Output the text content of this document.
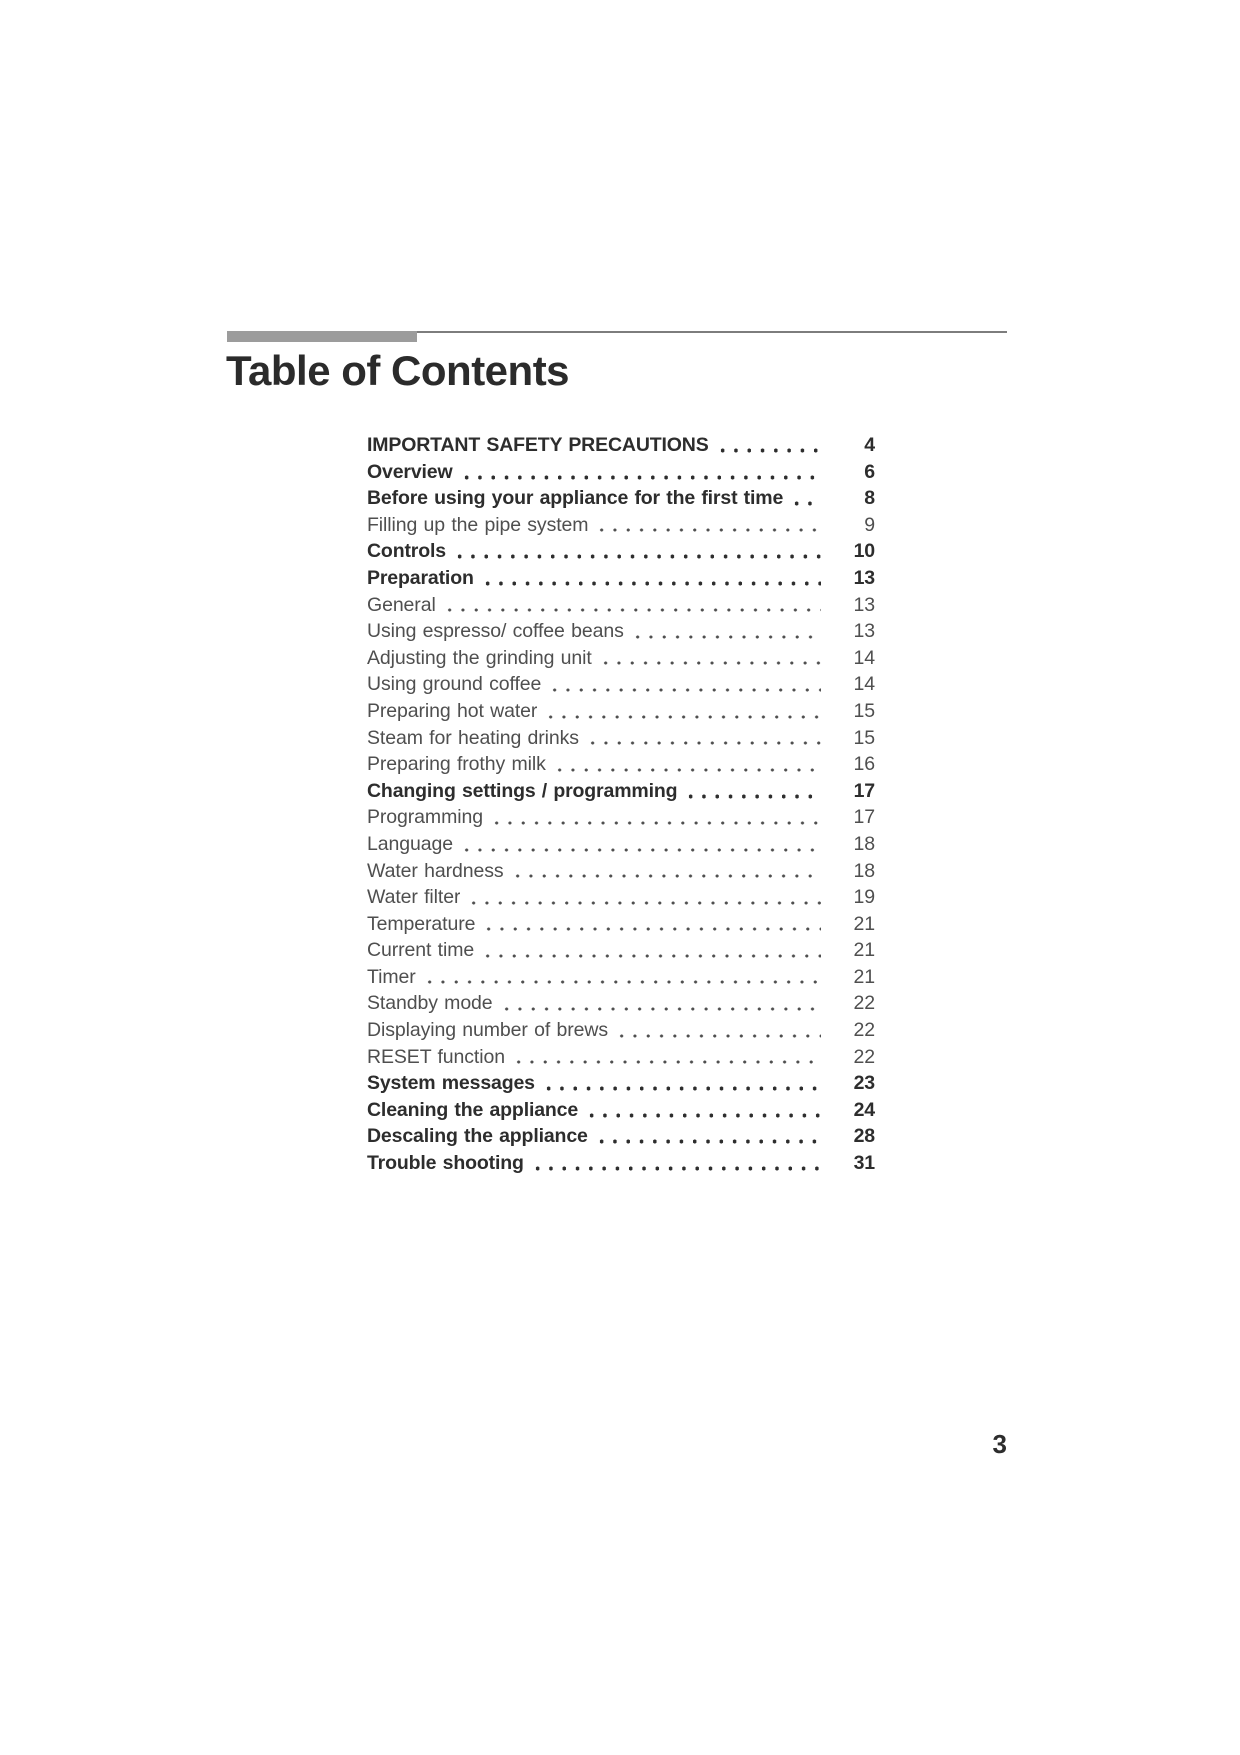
Table of Contents
IMPORTANT SAFETY PRECAUTIONS	4
Overview	6
Before using your appliance for the first time	8
Filling up the pipe system	9
Controls	10
Preparation	13
General	13
Using espresso/ coffee beans	13
Adjusting the grinding unit	14
Using ground coffee	14
Preparing hot water	15
Steam for heating drinks	15
Preparing frothy milk	16
Changing settings / programming	17
Programming	17
Language	18
Water hardness	18
Water filter	19
Temperature	21
Current time	21
Timer	21
Standby mode	22
Displaying number of brews	22
RESET function	22
System messages	23
Cleaning the appliance	24
Descaling the appliance	28
Trouble shooting	31
3
